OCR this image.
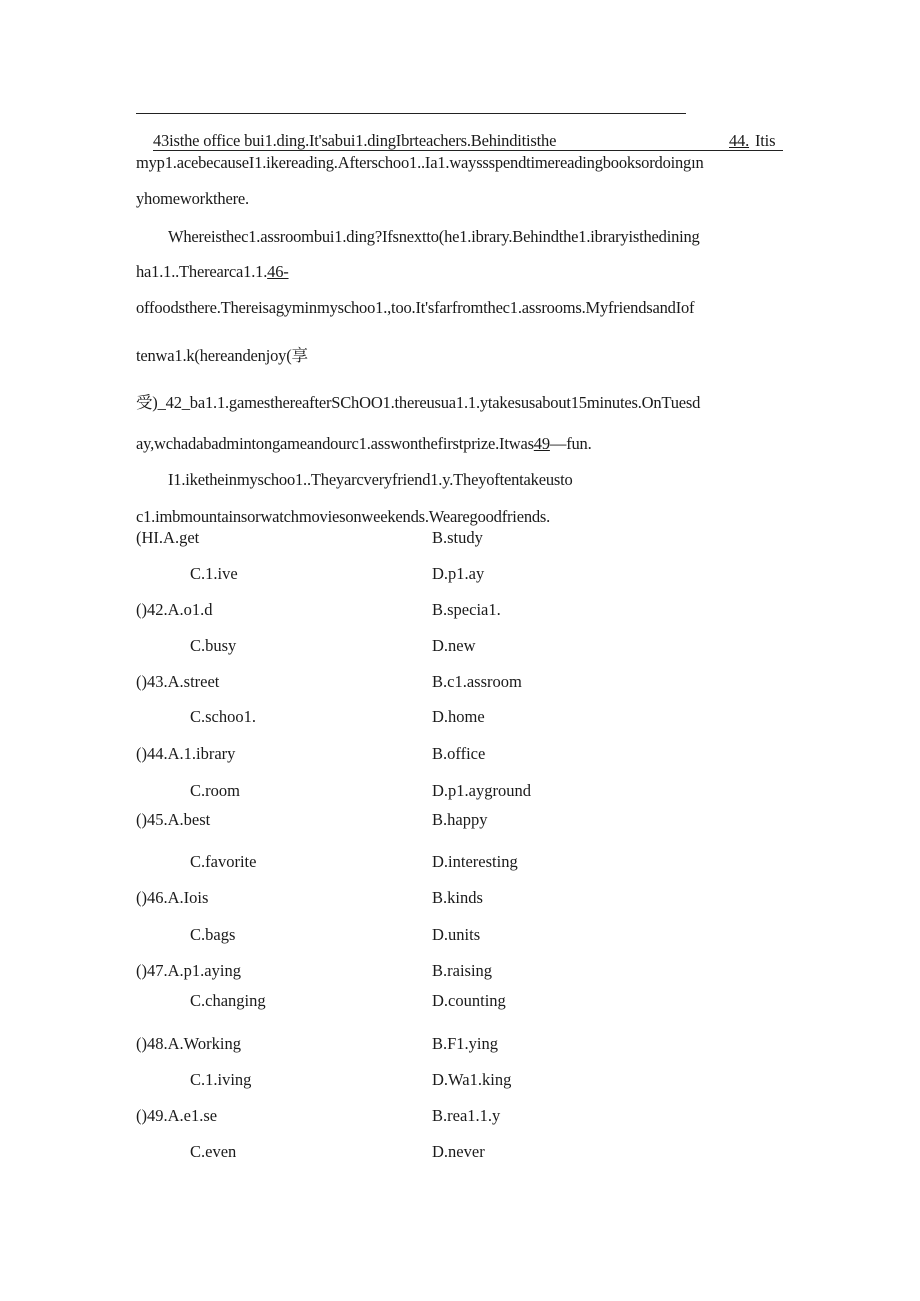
43isthe office bui1.ding.It'sabui1.dingIbrteachers.Behinditisthe	44. Itis
myp1.acebecauseI1.ikereading.Afterschoo1..Ia1.wayssspendtimereadingbooksordoingın
yhomeworkthere.
Whereisthec1.assroombui1.ding?Ifsnextto(he1.ibrary.Behindthe1.ibraryisthedining
ha1.1..Therearca1.1.46-
offoodsthere.Thereisagyminmyschoo1.,too.It'sfarfromthec1.assrooms.MyfriendsandIof
tenwa1.k(hereandenjoy(享
受)_42_ba1.1.gamesthereafterSChOO1.thereusua1.1.ytakesusabout15minutes.OnTuesd
ay,wchadabadmintongameandourc1.asswonthefirstprize.Itwas49—fun.
I1.iketheinmyschoo1..Theyarcveryfriend1.y.Theyoftentakeusto
c1.imbmountainsorwatchmoviesonweekends.Wearegoodfriends.
(HI.A.get	B.study
C.1.ive	D.p1.ay
()42.A.o1.d	B.specia1.
C.busy	D.new
()43.A.street	B.c1.assroom
C.schoo1.	D.home
()44.A.1.ibrary	B.office
C.room	D.p1.ayground
()45.A.best	B.happy
C.favorite	D.interesting
()46.A.Iois	B.kinds
C.bags	D.units
()47.A.p1.aying	B.raising
C.changing	D.counting
()48.A.Working	B.F1.ying
C.1.iving	D.Wa1.king
()49.A.e1.se	B.rea1.1.y
C.even	D.never
